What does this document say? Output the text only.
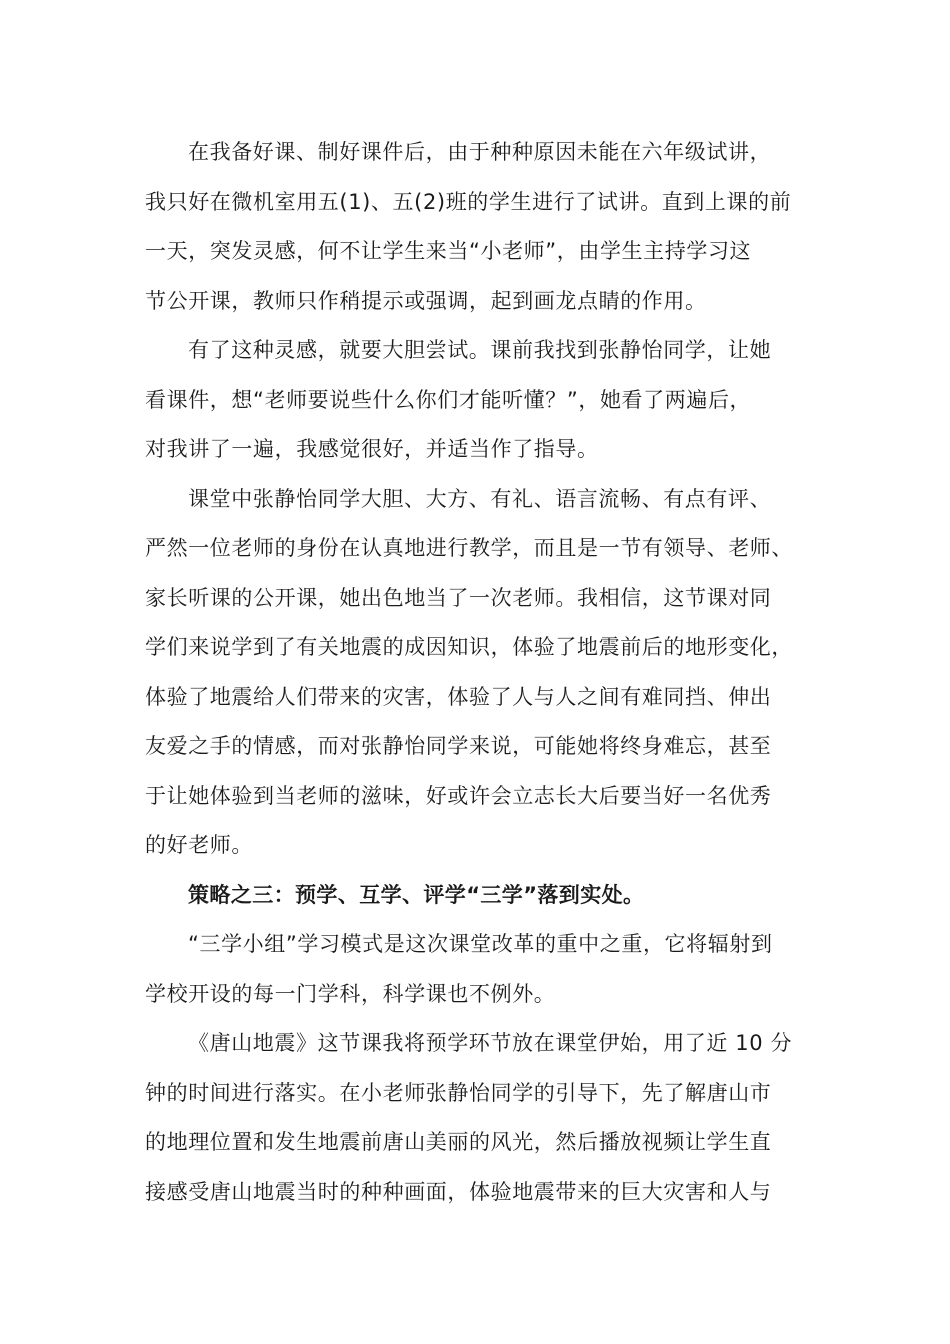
在我备好课、制好课件后，由于种种原因未能在六年级试讲，
我只好在微机室用五(1)、五(2)班的学生进行了试讲。直到上课的前
一天，突发灵感，何不让学生来当“小老师”，由学生主持学习这
节公开课，教师只作稍提示或强调，起到画龙点睛的作用。
有了这种灵感，就要大胆尝试。课前我找到张静怡同学，让她
看课件，想“老师要说些什么你们才能听懂？”，她看了两遍后，
对我讲了一遍，我感觉很好，并适当作了指导。
课堂中张静怡同学大胆、大方、有礼、语言流畅、有点有评、
严然一位老师的身份在认真地进行教学，而且是一节有领导、老师、
家长听课的公开课，她出色地当了一次老师。我相信，这节课对同
学们来说学到了有关地震的成因知识，体验了地震前后的地形变化，
体验了地震给人们带来的灾害，体验了人与人之间有难同挡、伸出
友爱之手的情感，而对张静怡同学来说，可能她将终身难忘，甚至
于让她体验到当老师的滋味，好或许会立志长大后要当好一名优秀
的好老师。
策略之三：预学、互学、评学“三学”落到实处。
“三学小组”学习模式是这次课堂改革的重中之重，它将辐射到
学校开设的每一门学科，科学课也不例外。
《唐山地震》这节课我将预学环节放在课堂伊始，用了近 10 分
钟的时间进行落实。在小老师张静怡同学的引导下，先了解唐山市
的地理位置和发生地震前唐山美丽的风光，然后播放视频让学生直
接感受唐山地震当时的种种画面，体验地震带来的巨大灾害和人与
